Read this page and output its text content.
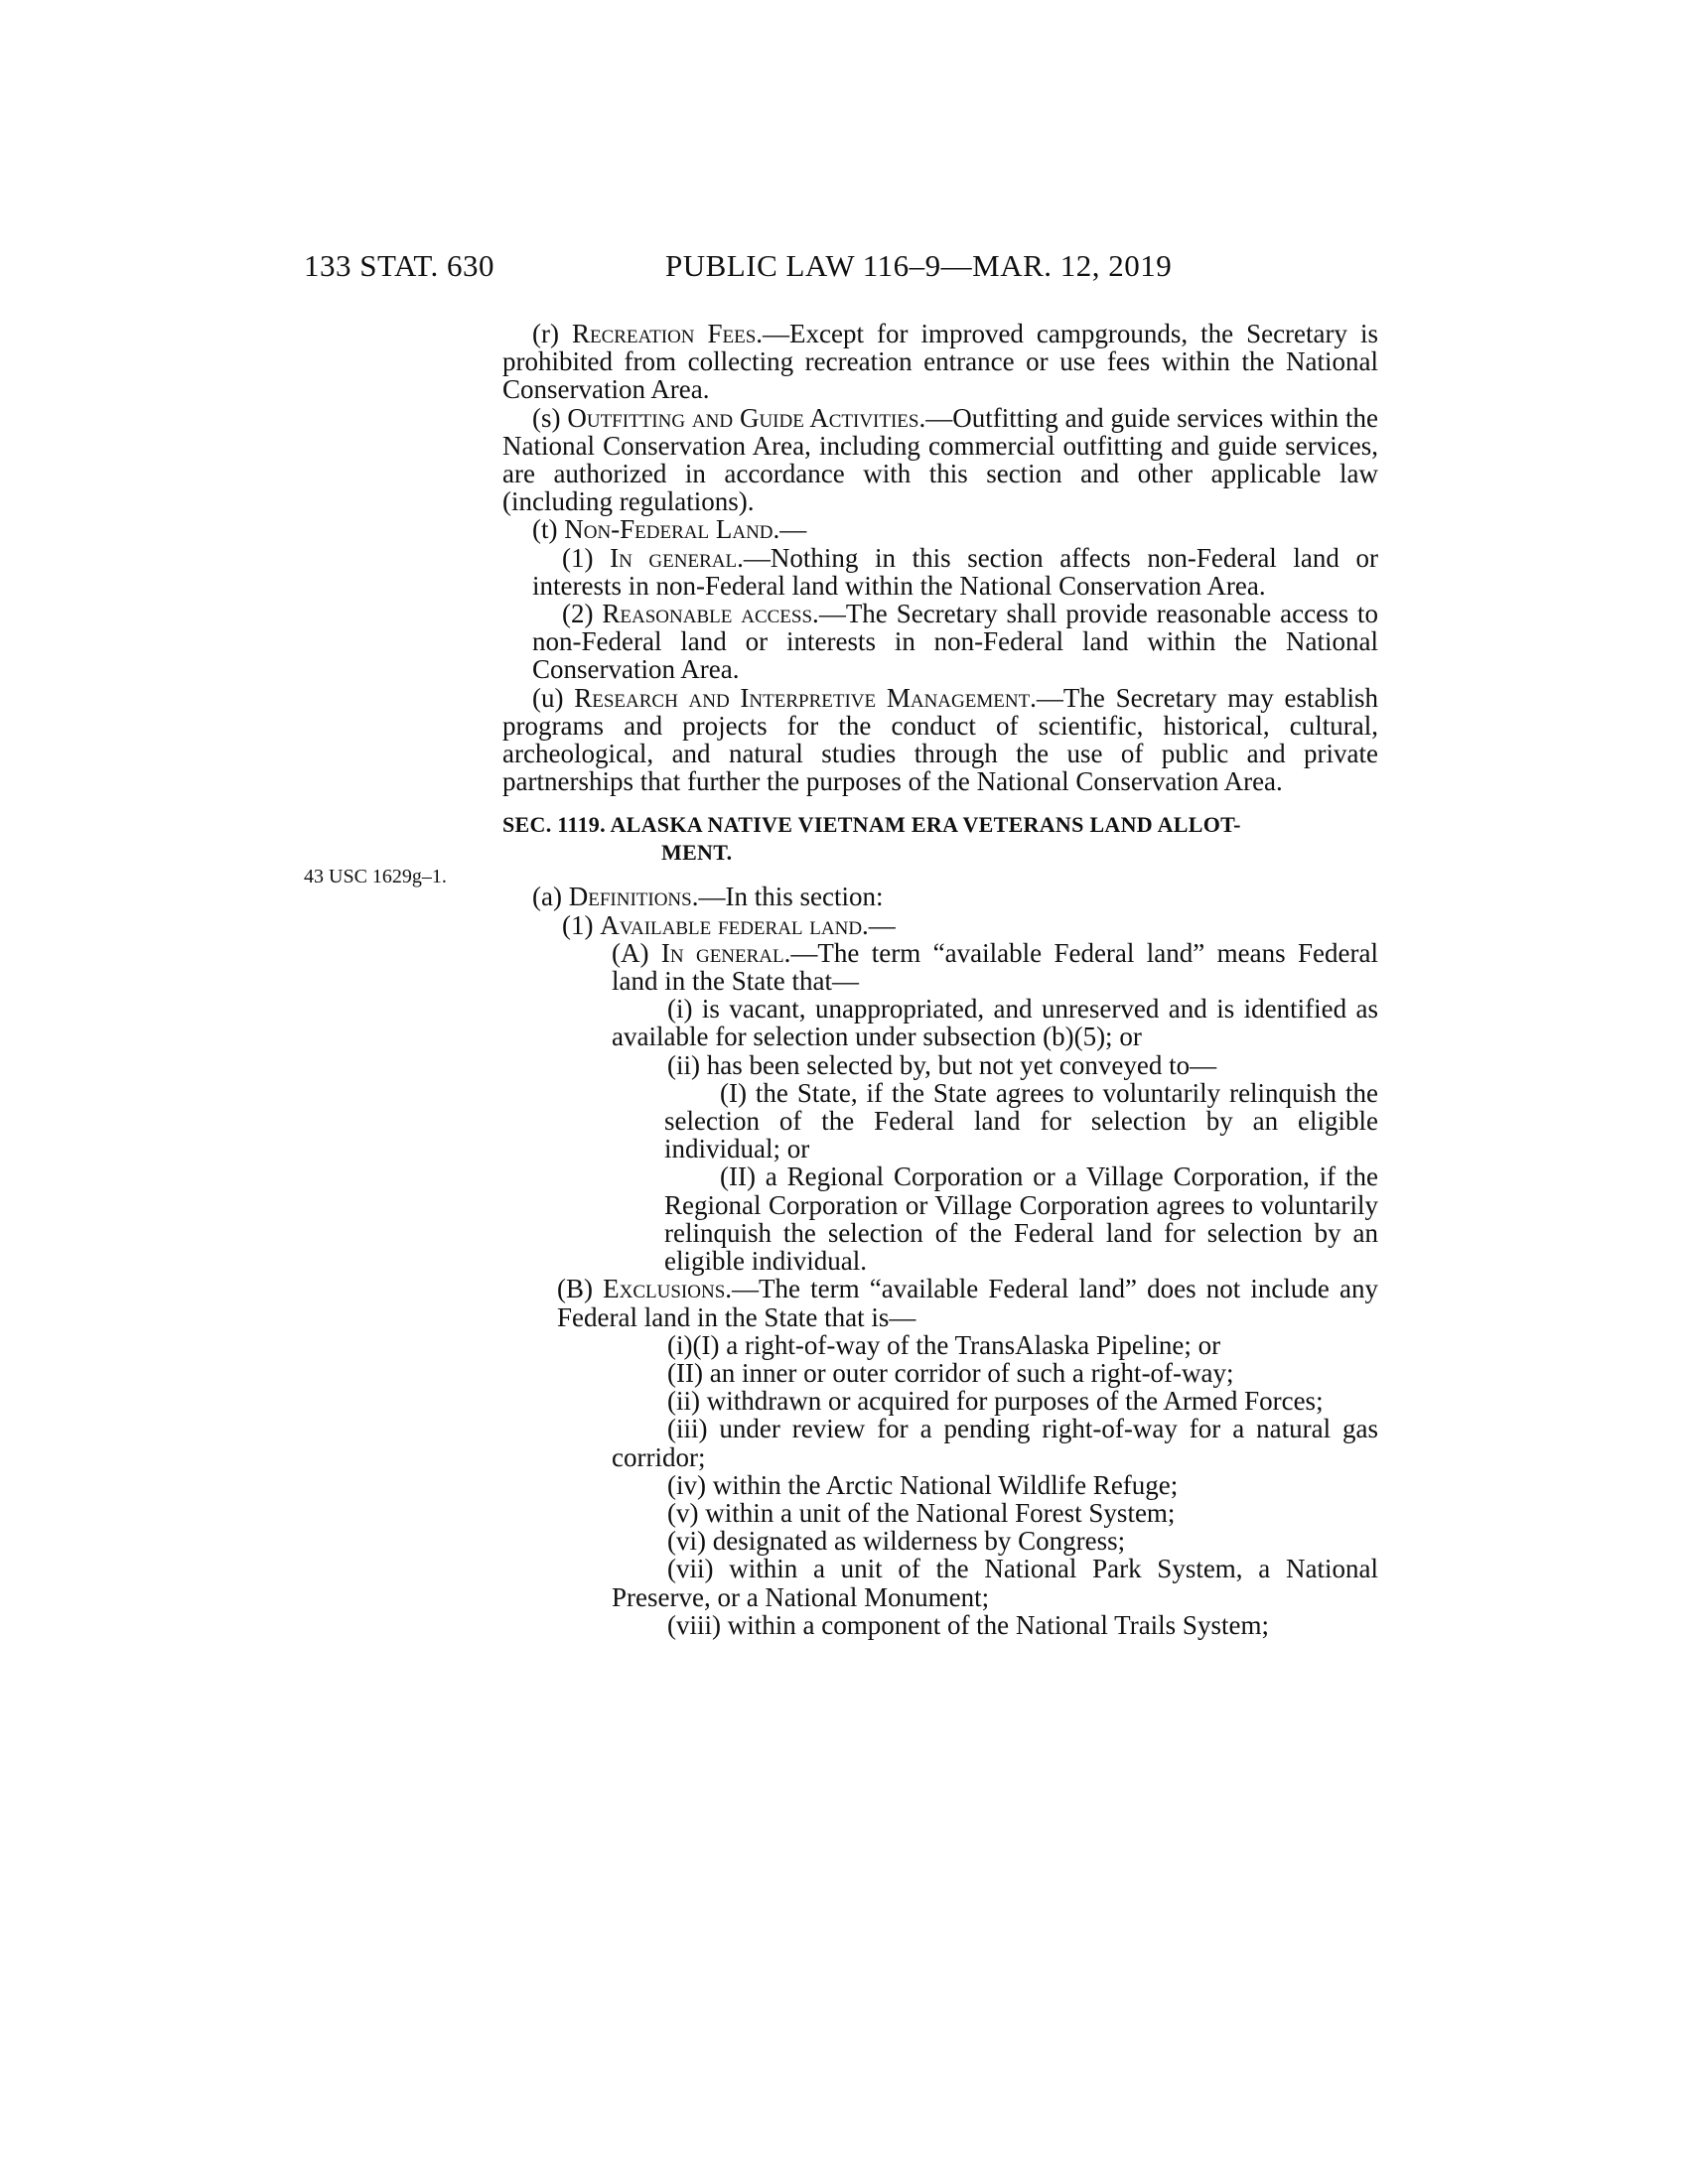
133 STAT. 630	PUBLIC LAW 116–9—MAR. 12, 2019
43 USC 1629g–1.
(r) Recreation Fees.—Except for improved campgrounds, the Secretary is prohibited from collecting recreation entrance or use fees within the National Conservation Area.
(s) Outfitting and Guide Activities.—Outfitting and guide services within the National Conservation Area, including commercial outfitting and guide services, are authorized in accordance with this section and other applicable law (including regulations).
(t) Non-Federal Land.—
(1) In general.—Nothing in this section affects non-Federal land or interests in non-Federal land within the National Conservation Area.
(2) Reasonable access.—The Secretary shall provide reasonable access to non-Federal land or interests in non-Federal land within the National Conservation Area.
(u) Research and Interpretive Management.—The Secretary may establish programs and projects for the conduct of scientific, historical, cultural, archeological, and natural studies through the use of public and private partnerships that further the purposes of the National Conservation Area.
SEC. 1119. ALASKA NATIVE VIETNAM ERA VETERANS LAND ALLOT-
MENT.
(a) Definitions.—In this section:
(1) Available federal land.—
(A) In general.—The term “available Federal land” means Federal land in the State that—
(i) is vacant, unappropriated, and unreserved and is identified as available for selection under subsection (b)(5); or
(ii) has been selected by, but not yet conveyed to—
(I) the State, if the State agrees to voluntarily relinquish the selection of the Federal land for selection by an eligible individual; or
(II) a Regional Corporation or a Village Corporation, if the Regional Corporation or Village Corporation agrees to voluntarily relinquish the selection of the Federal land for selection by an eligible individual.
(B) Exclusions.—The term “available Federal land” does not include any Federal land in the State that is—
(i)(I) a right-of-way of the TransAlaska Pipeline; or
(II) an inner or outer corridor of such a right-of-way;
(ii) withdrawn or acquired for purposes of the Armed Forces;
(iii) under review for a pending right-of-way for a natural gas corridor;
(iv) within the Arctic National Wildlife Refuge;
(v) within a unit of the National Forest System;
(vi) designated as wilderness by Congress;
(vii) within a unit of the National Park System, a National Preserve, or a National Monument;
(viii) within a component of the National Trails System;
